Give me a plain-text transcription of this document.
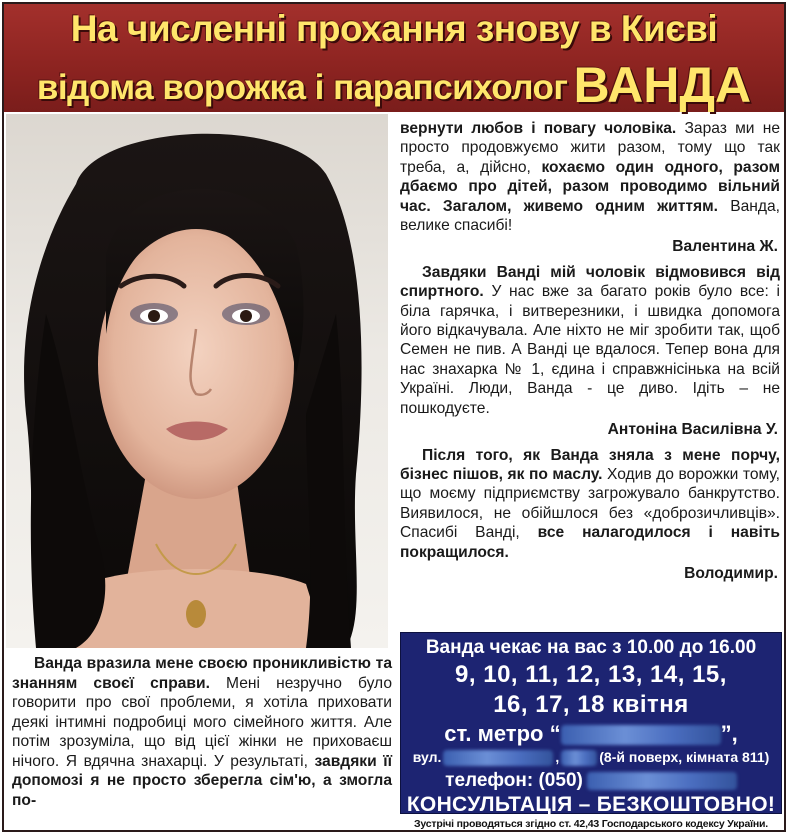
На численні прохання знову в Києві
відома ворожка і парапсихолог ВАНДА

вернути любов і повагу чоловіка. Зараз ми не просто продовжуємо жити разом, тому що так треба, а, дійсно, кохаємо один одного, разом дбаємо про дітей, разом проводимо вільний час. Загалом, живемо одним життям. Ванда, велике спасибі!

Валентина Ж.

Завдяки Ванді мій чоловік відмовився від спиртного. У нас вже за багато років було все: і біла гарячка, і витверезники, і швидка допомога його відкачувала. Але ніхто не міг зробити так, щоб Семен не пив. А Ванді це вдалося. Тепер вона для нас знахарка № 1, єдина і справжнісінька на всій Україні. Люди, Ванда - це диво. Ідіть – не пошкодуєте.

Антоніна Василівна У.

Після того, як Ванда зняла з мене порчу, бізнес пішов, як по маслу. Ходив до ворожки тому, що моєму підприємству загрожувало банкрутство. Виявилося, не обійшлося без «доброзичливців». Спасибі Ванді, все налагодилося і навіть покращилося.

Володимир.

Ванда вразила мене своєю проникливістю та знанням своєї справи. Мені незручно було говорити про свої проблеми, я хотіла приховати деякі інтимні подробиці мого сімейного життя. Але потім зрозуміла, що від цієї жінки не приховаєш нічого. Я вдячна знахарці. У результаті, завдяки її допомозі я не просто зберегла сім'ю, а змогла по-

Ванда чекає на вас з 10.00 до 16.00
9, 10, 11, 12, 13, 14, 15,
16, 17, 18 квітня
ст. метро “	”,
вул.	,	(8-й поверх, кімната 811)
телефон: (050)
КОНСУЛЬТАЦІЯ – БЕЗКОШТОВНО!
Зустрічі проводяться згідно ст. 42,43 Господарського кодексу України.
